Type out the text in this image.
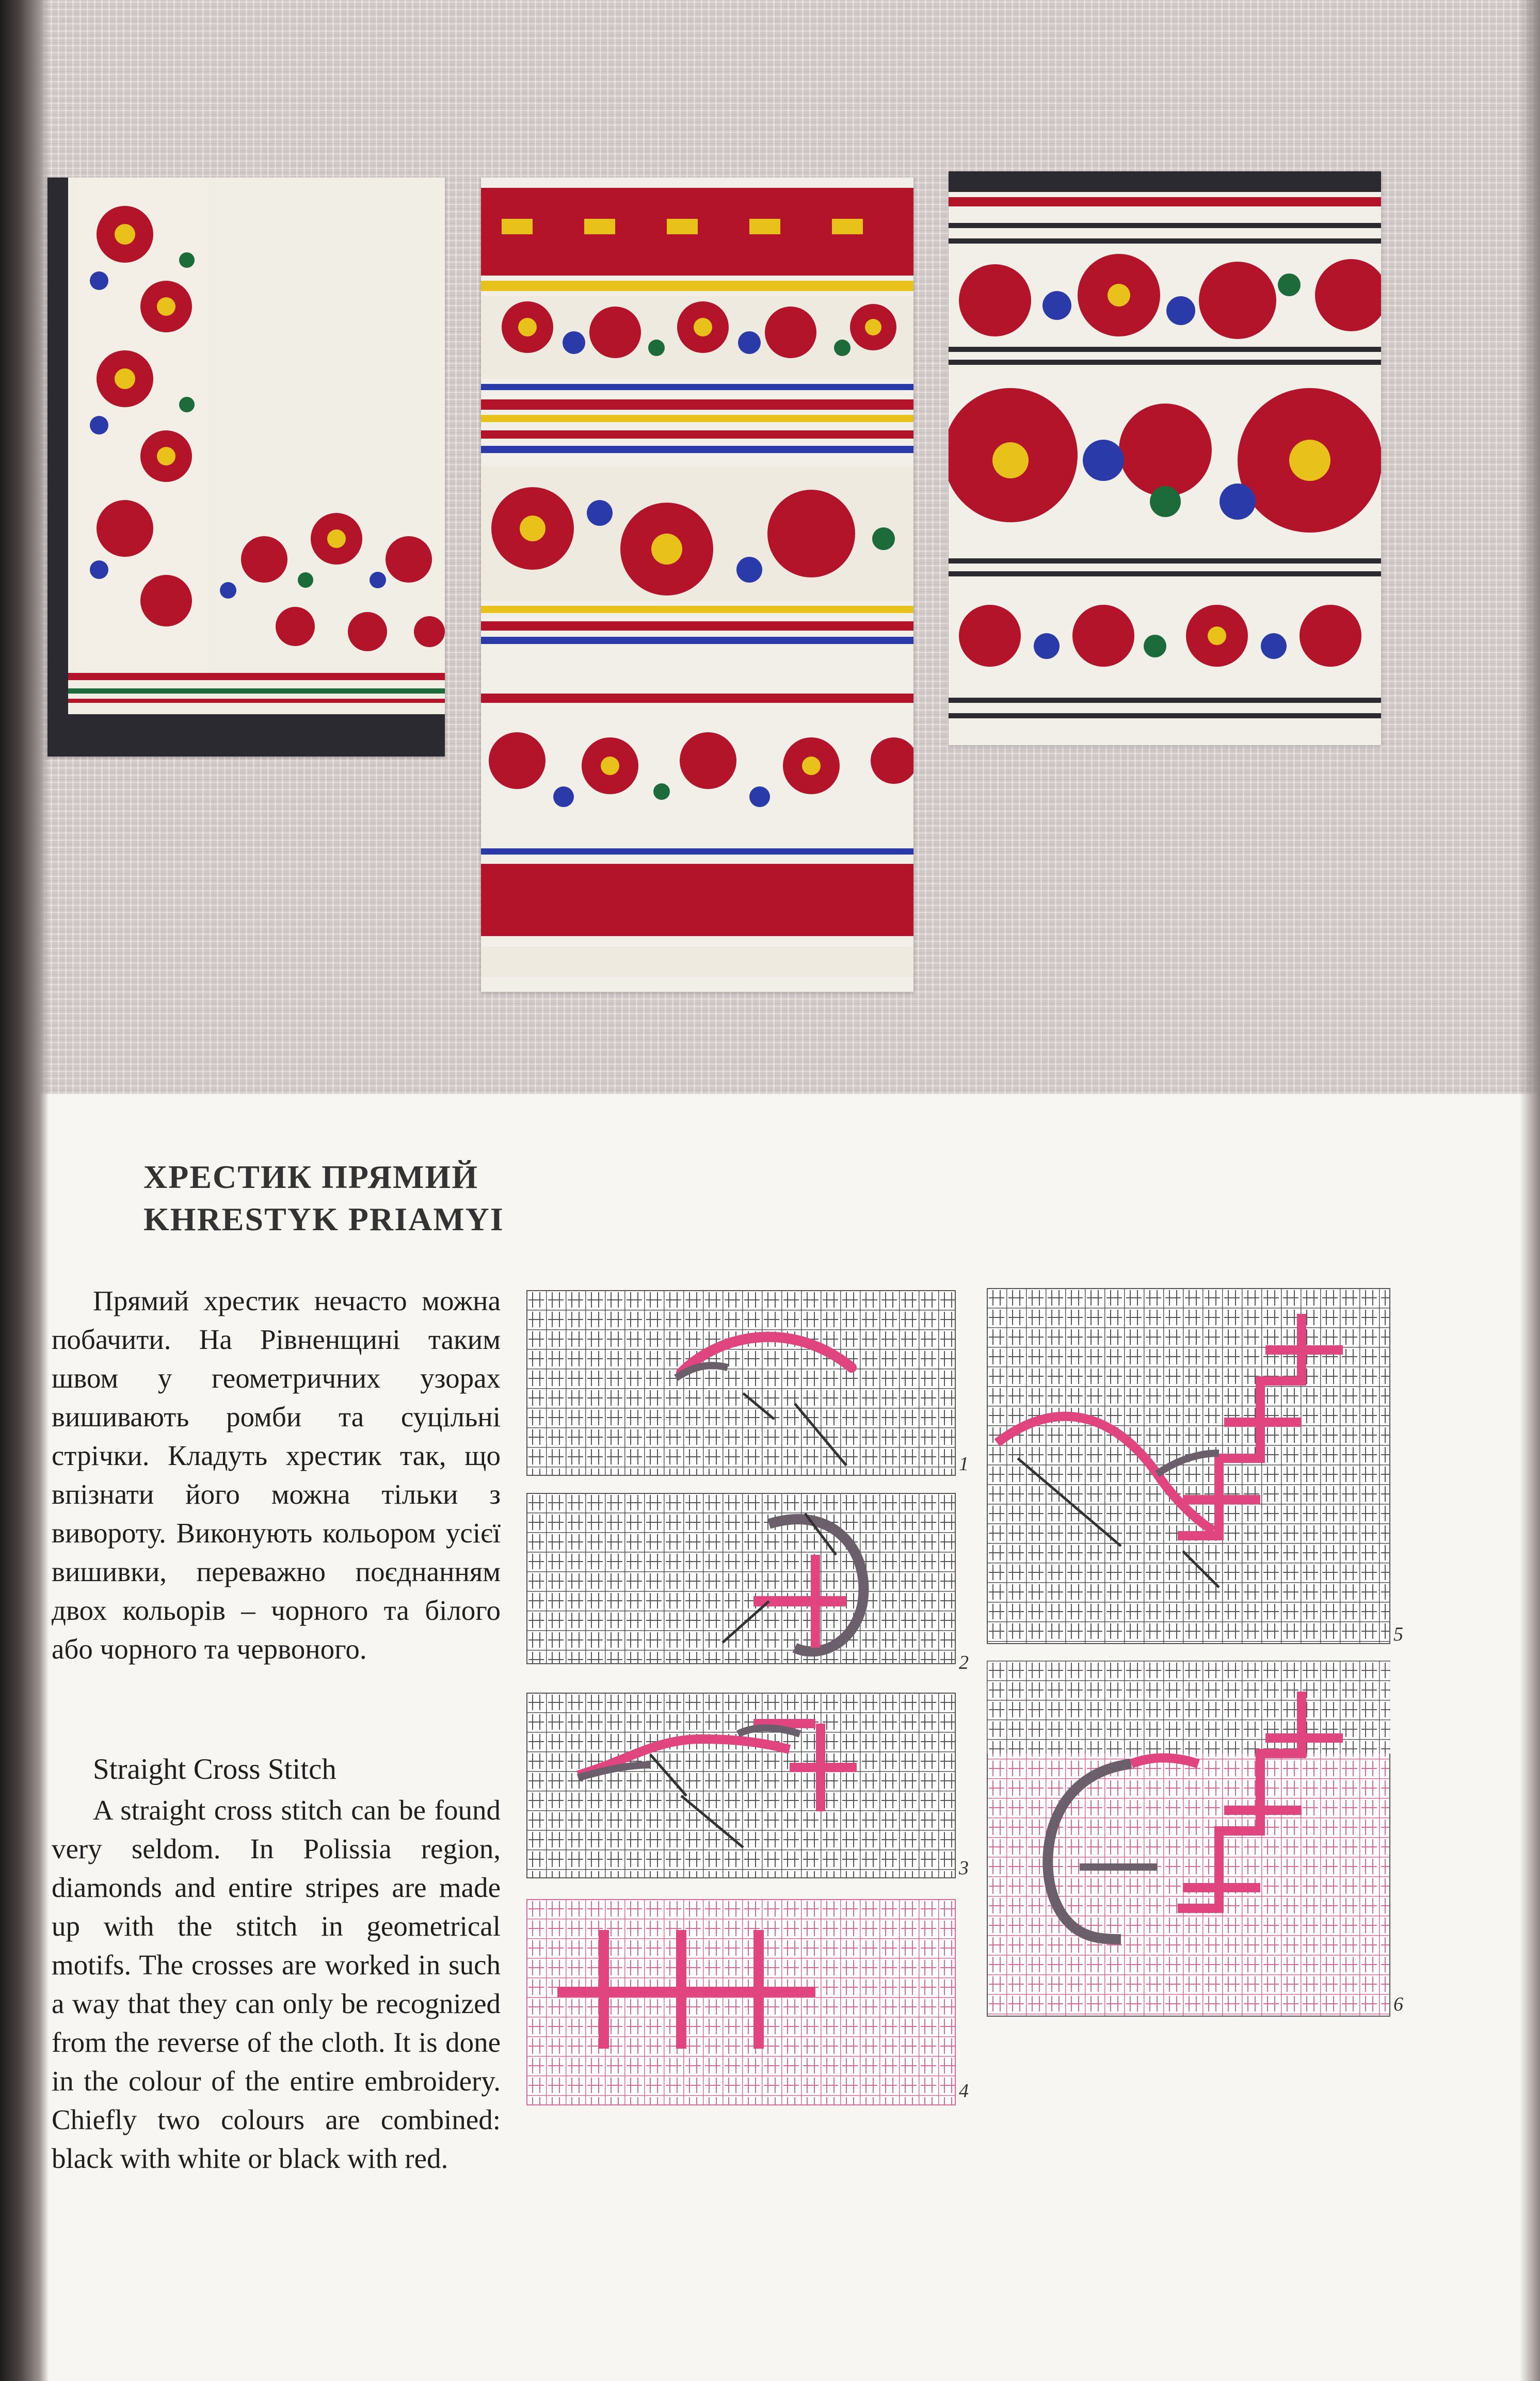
ХРЕСТИК ПРЯМИЙ
KHRESTYK PRIAMYI

Прямий хрестик нечасто можна побачити. На Рівненщині таким швом у геометричних узорах вишивають ромби та суцільні стрічки. Кладуть хрестик так, що впізнати його можна тільки з вивороту. Виконують кольором усієї вишивки, переважно поєднанням двох кольорів – чорного та білого або чорного та червоного.

Straight Cross Stitch

A straight cross stitch can be found very seldom. In Polissia region, diamonds and entire stripes are made up with the stitch in geometrical motifs. The crosses are worked in such a way that they can only be recognized from the reverse of the cloth. It is done in the colour of the entire embroidery. Chiefly two colours are combined: black with white or black with red.

1
2
3
4
5
6
